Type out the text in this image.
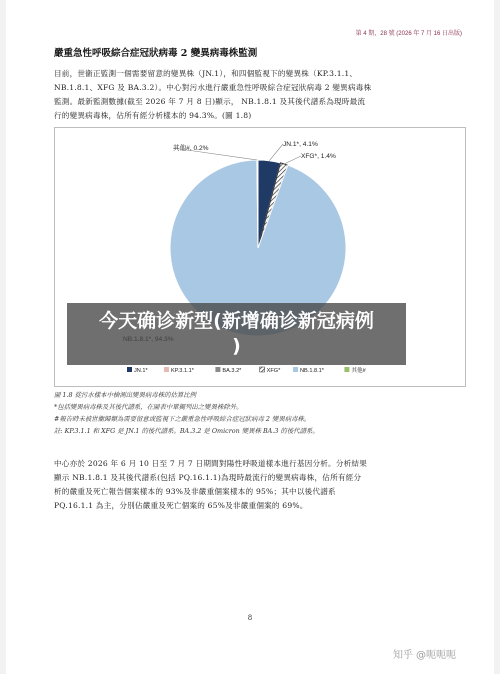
第 4 期，28 號 (2026 年 7 月 16 日出版)
嚴重急性呼吸綜合症冠狀病毒 2 變異病毒株監測

目前，世衞正監測一個需要留意的變異株（JN.1），和四個監視下的變異株（KP.3.1.1、
NB.1.8.1、XFG 及 BA.3.2）。中心對污水進行嚴重急性呼吸綜合症冠狀病毒 2 變異病毒株
監測。最新監測數據(截至 2026 年 7 月 8 日)顯示， NB.1.8.1 及其後代譜系為現時最流
行的變異病毒株，佔所有經分析樣本的 94.3%。(圖 1.8)

JN.1*, 4.1%
XFG*, 1.4%
其他#, 0.2%
JN.1*	KP.3.1.1*	BA.3.2*	XFG*	NB.1.8.1*	其他#
圖 1.8 從污水樣本中檢測出變異病毒株的估算比例
*包括變異病毒株及其後代譜系，在圖表中單獨列出之變異株除外。
#報告時未被世衞歸類為需要留意或監視下之嚴重急性呼吸綜合症冠狀病毒 2 變異病毒株。
註: KP.3.1.1 和 XFG 是 JN.1 的後代譜系。BA.3.2 是 Omicron 變異株 BA.3 的後代譜系。

中心亦於 2026 年 6 月 10 日至 7 月 7 日期間對陽性呼吸道樣本進行基因分析。分析結果
顯示 NB.1.8.1 及其後代譜系(包括 PQ.16.1.1)為現時最流行的變異病毒株，佔所有經分
析的嚴重及死亡報告個案樣本的 93%及非嚴重個案樣本的 95%；其中以後代譜系
PQ.16.1.1 為主，分別佔嚴重及死亡個案的 65%及非嚴重個案的 69%。

8
今天确诊新型(新增确诊新冠病例
)
知乎 @呃呃呃
